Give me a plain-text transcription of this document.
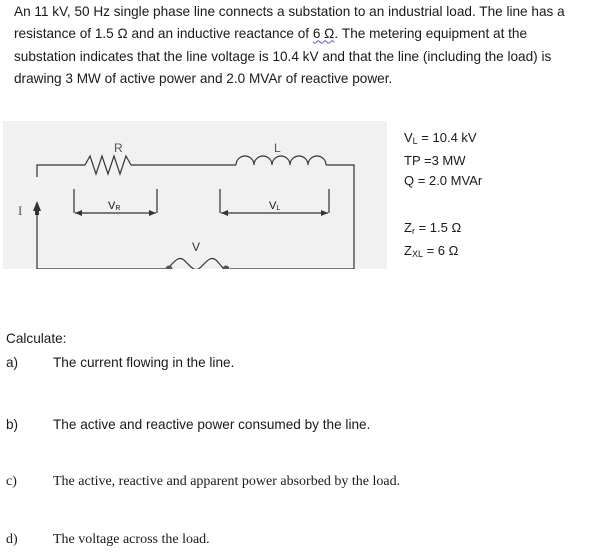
An 11 kV, 50 Hz single phase line connects a substation to an industrial load. The line has a

resistance of 1.5 Ω and an inductive reactance of 6 Ω. The metering equipment at the

substation indicates that the line voltage is 10.4 kV and that the line (including the load) is

drawing 3 MW of active power and 2.0 MVAr of reactive power.

R	L
I	VR	VL
V
$V_L = 10.4$ kV
TP =3 MW
Q = 2.0 MVAr
$Z_r = 1.5$ Ω
$Z_{XL} = 6$ Ω
Calculate:
a)	The current flowing in the line.
b)	The active and reactive power consumed by the line.
c)	The active, reactive and apparent power absorbed by the load.
d)	The voltage across the load.
